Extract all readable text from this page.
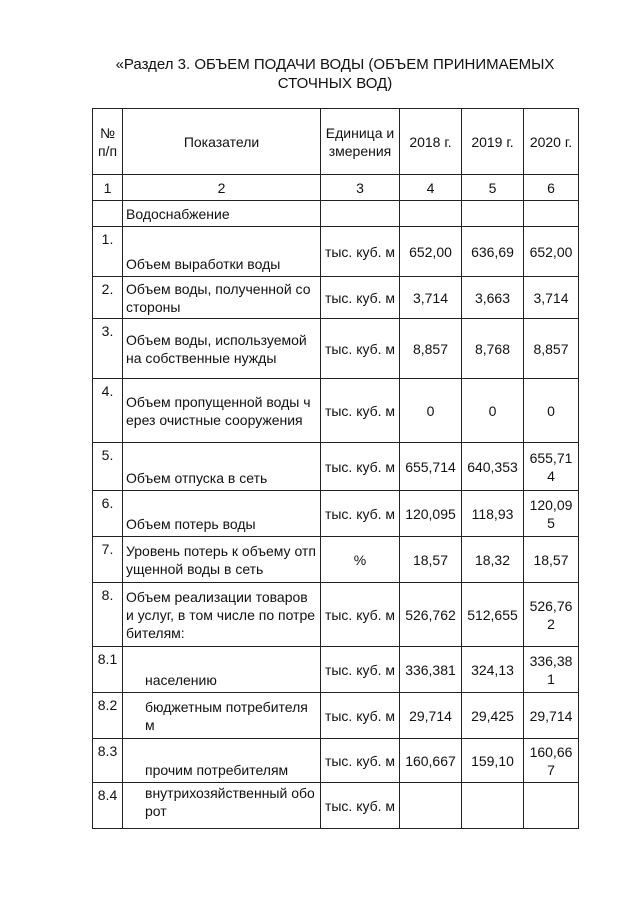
«Раздел 3. ОБЪЕМ ПОДАЧИ ВОДЫ (ОБЪЕМ ПРИНИМАЕМЫХ СТОЧНЫХ ВОД)
№ п/п	Показатели	Единица измерения	2018 г.	2019 г.	2020 г.
1	2	3	4	5	6
	Водоснабжение				
1.	Объем выработки воды	тыс. куб. м	652,00	636,69	652,00
2.	Объем воды, полученной со стороны	тыс. куб. м	3,714	3,663	3,714
3.	Объем воды, используемой на собственные нужды	тыс. куб. м	8,857	8,768	8,857
4.	Объем пропущенной воды через очистные сооружения	тыс. куб. м	0	0	0
5.	Объем отпуска в сеть	тыс. куб. м	655,714	640,353	655,714
6.	Объем потерь воды	тыс. куб. м	120,095	118,93	120,095
7.	Уровень потерь к объему отпущенной воды в сеть	%	18,57	18,32	18,57
8.	Объем реализации товаров и услуг, в том числе по потребителям:	тыс. куб. м	526,762	512,655	526,762
8.1	населению	тыс. куб. м	336,381	324,13	336,381
8.2	бюджетным потребителям	тыс. куб. м	29,714	29,425	29,714
8.3	прочим потребителям	тыс. куб. м	160,667	159,10	160,667
8.4	внутрихозяйственный оборот	тыс. куб. м			
